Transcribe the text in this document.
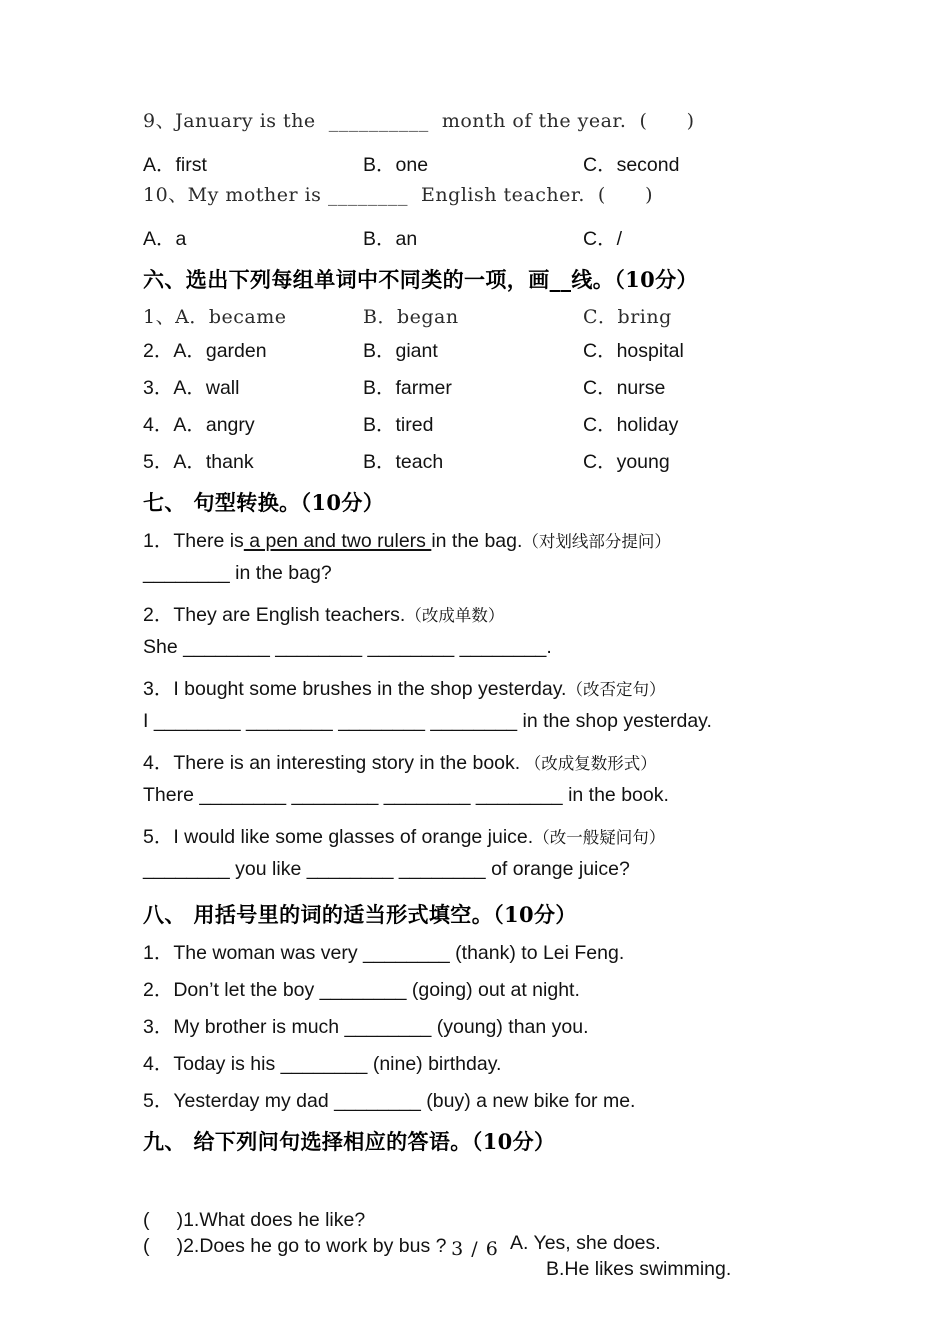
9、January is the  __________  month of the year.  (      )
A．first	B．one	C．second
10、My mother is ________  English teacher.  (      )
A．a	B．an	C．/
六、选出下列每组单词中不同类的一项，画__线。（10分）
1、A．became	B．began	C．bring
2．A．garden	B．giant	C．hospital
3．A．wall	B．farmer	C．nurse
4．A．angry	B．tired	C．holiday
5．A．thank	B．teach	C．young
七、 句型转换。（10分）
1．There is a pen and two rulers in the bag.（对划线部分提问）
________ in the bag?
2．They are English teachers.（改成单数）
She ________ ________ ________ ________.
3．I bought some brushes in the shop yesterday.（改否定句）
I ________ ________ ________ ________ in the shop yesterday.
4．There is an interesting story in the book. （改成复数形式）
There ________ ________ ________ ________ in the book.
5．I would like some glasses of orange juice.（改一般疑问句）
________ you like ________ ________ of orange juice?
八、 用括号里的词的适当形式填空。（10分）
1．The woman was very ________ (thank) to Lei Feng.
2．Don’t let the boy ________ (going) out at night.
3．My brother is much ________ (young) than you.
4．Today is his ________ (nine) birthday.
5．Yesterday my dad ________ (buy) a new bike for me.
九、 给下列问句选择相应的答语。（10分）

(     )1.What does he like?

A. Yes, she does.

(     )2.Does he go to work by bus ?

B.He likes swimming.

3 / 6
